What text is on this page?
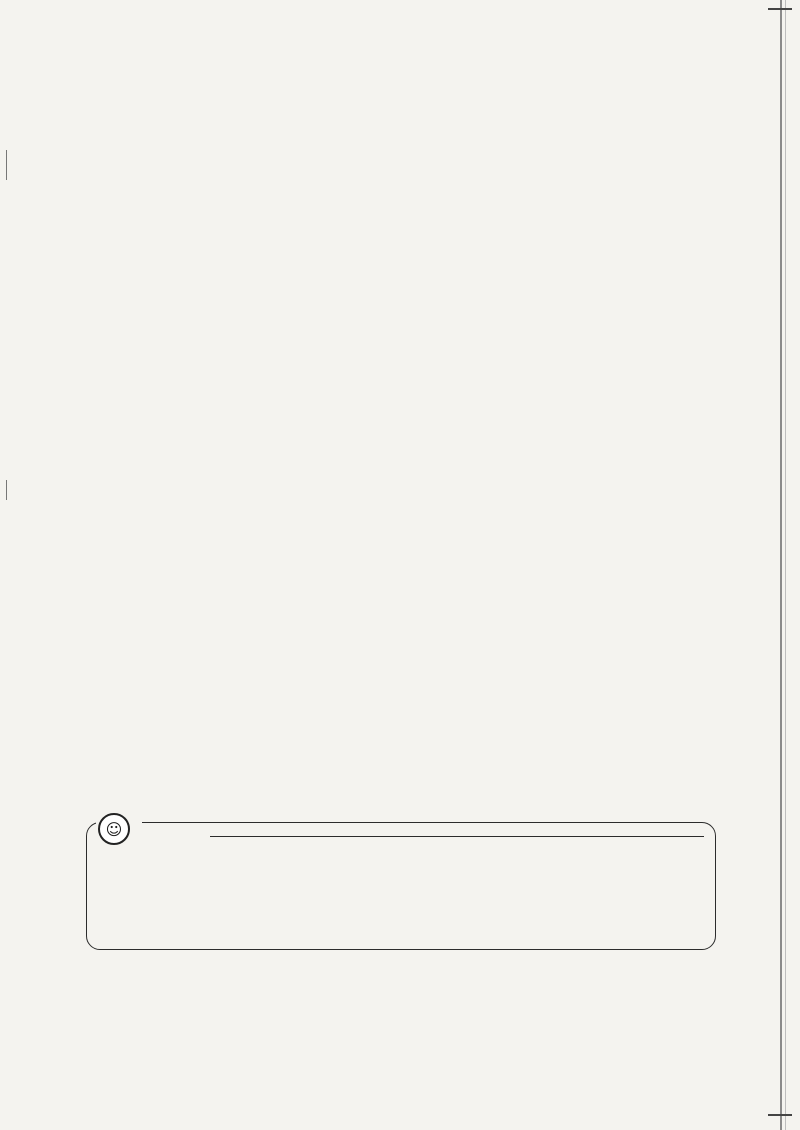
☺
